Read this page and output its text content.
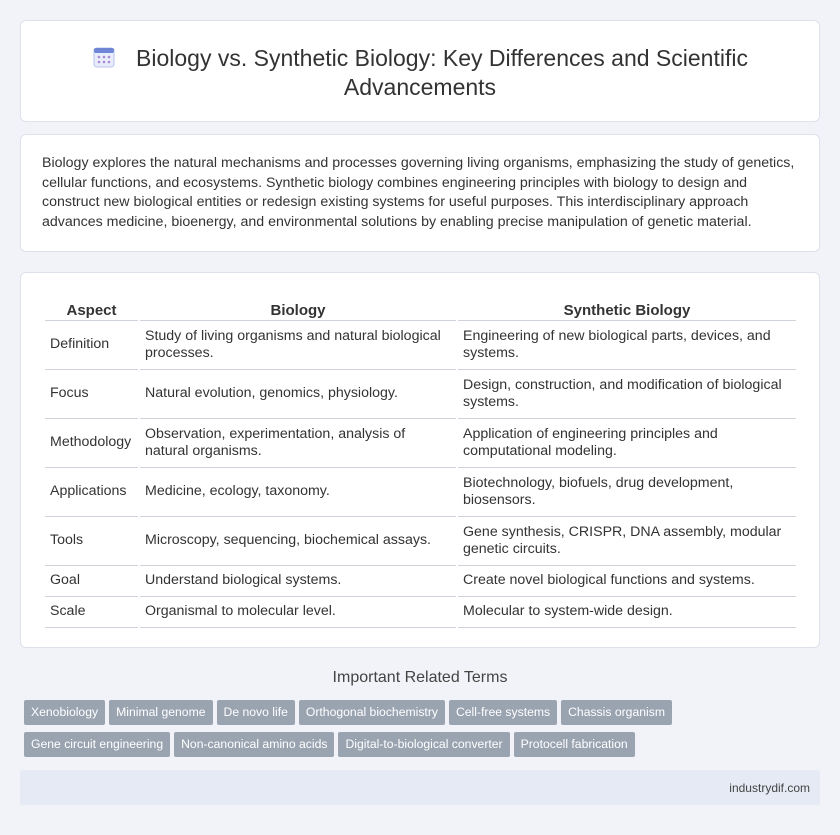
Biology vs. Synthetic Biology: Key Differences and Scientific Advancements

Biology explores the natural mechanisms and processes governing living organisms, emphasizing the study of genetics, cellular functions, and ecosystems. Synthetic biology combines engineering principles with biology to design and construct new biological entities or redesign existing systems for useful purposes. This interdisciplinary approach advances medicine, bioenergy, and environmental solutions by enabling precise manipulation of genetic material.

Aspect	Biology	Synthetic Biology
Definition	Study of living organisms and natural biological processes.	Engineering of new biological parts, devices, and systems.
Focus	Natural evolution, genomics, physiology.	Design, construction, and modification of biological systems.
Methodology	Observation, experimentation, analysis of natural organisms.	Application of engineering principles and computational modeling.
Applications	Medicine, ecology, taxonomy.	Biotechnology, biofuels, drug development, biosensors.
Tools	Microscopy, sequencing, biochemical assays.	Gene synthesis, CRISPR, DNA assembly, modular genetic circuits.
Goal	Understand biological systems.	Create novel biological functions and systems.
Scale	Organismal to molecular level.	Molecular to system-wide design.
Important Related Terms
Xenobiology Minimal genome De novo life Orthogonal biochemistry Cell-free systems Chassis organism
Gene circuit engineering Non-canonical amino acids Digital-to-biological converter Protocell fabrication
industrydif.com
